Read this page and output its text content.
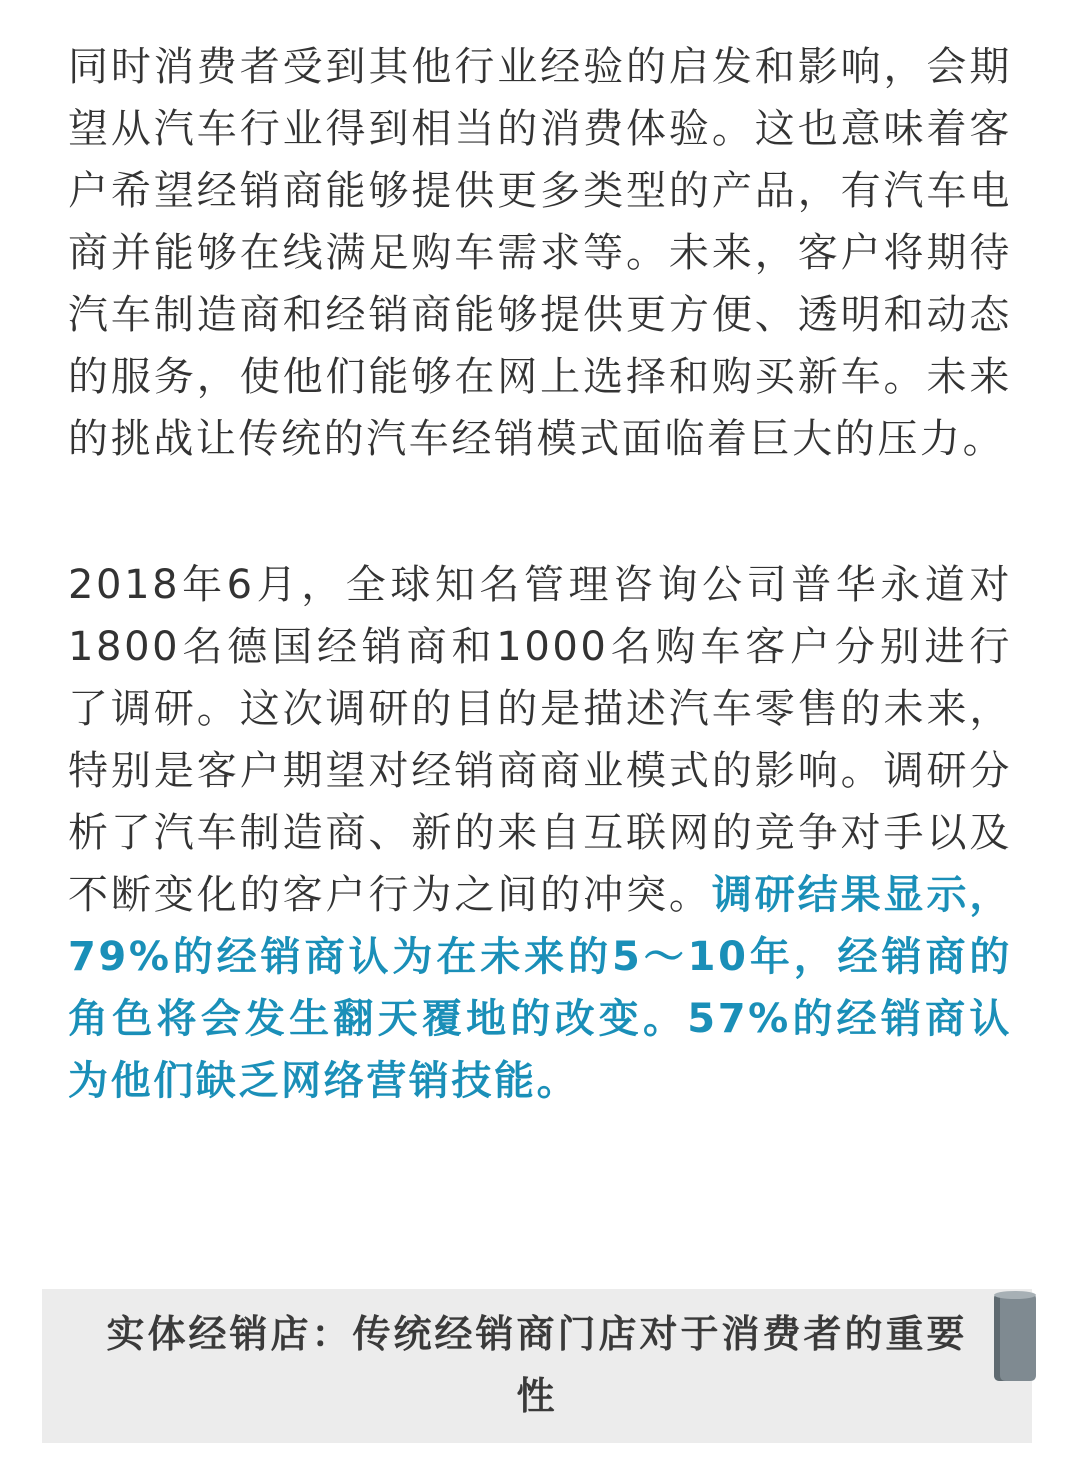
同时消费者受到其他行业经验的启发和影响，会期望从汽车行业得到相当的消费体验。这也意味着客户希望经销商能够提供更多类型的产品，有汽车电商并能够在线满足购车需求等。未来，客户将期待汽车制造商和经销商能够提供更方便、透明和动态的服务，使他们能够在网上选择和购买新车。未来的挑战让传统的汽车经销模式面临着巨大的压力。

2018年6月，全球知名管理咨询公司普华永道对1800名德国经销商和1000名购车客户分别进行了调研。这次调研的目的是描述汽车零售的未来，特别是客户期望对经销商商业模式的影响。调研分析了汽车制造商、新的来自互联网的竞争对手以及不断变化的客户行为之间的冲突。调研结果显示，79%的经销商认为在未来的5～10年，经销商的角色将会发生翻天覆地的改变。57%的经销商认为他们缺乏网络营销技能。

实体经销店：传统经销商门店对于消费者的重要性
